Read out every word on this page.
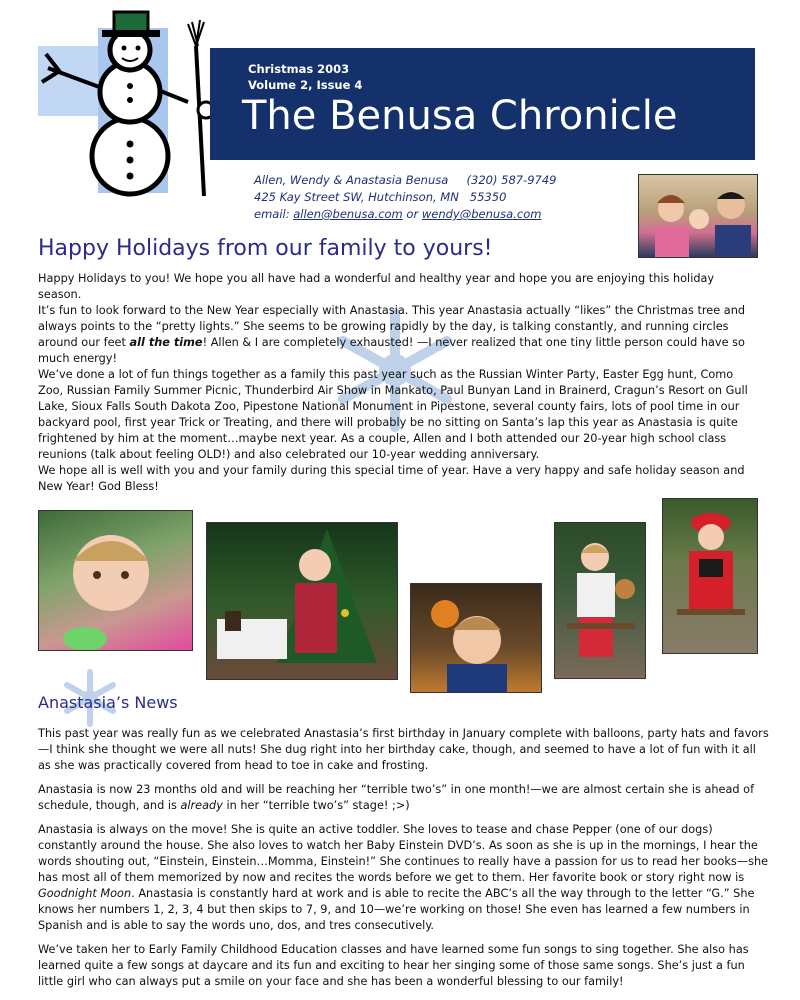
Christmas 2003
Volume 2, Issue 4
The Benusa Chronicle
Allen, Wendy & Anastasia Benusa     (320) 587-9749
425 Kay Street SW, Hutchinson, MN   55350
email: allen@benusa.com or wendy@benusa.com
Happy Holidays from our family to yours!
Happy Holidays to you! We hope you all have had a wonderful and healthy year and hope you are enjoying this holiday season.
It’s fun to look forward to the New Year especially with Anastasia. This year Anastasia actually “likes” the Christmas tree and always points to the “pretty lights.” She seems to be growing rapidly by the day, is talking constantly, and running circles around our feet all the time! Allen & I are completely exhausted! —I never realized that one tiny little person could have so much energy!
We’ve done a lot of fun things together as a family this past year such as the Russian Winter Party, Easter Egg hunt, Como Zoo, Russian Family Summer Picnic, Thunderbird Air Show in Mankato, Paul Bunyan Land in Brainerd, Cragun’s Resort on Gull Lake, Sioux Falls South Dakota Zoo, Pipestone National Monument in Pipestone, several county fairs, lots of pool time in our backyard pool, first year Trick or Treating, and there will probably be no sitting on Santa’s lap this year as Anastasia is quite frightened by him at the moment…maybe next year. As a couple, Allen and I both attended our 20-year high school class reunions (talk about feeling OLD!) and also celebrated our 10-year wedding anniversary.
We hope all is well with you and your family during this special time of year. Have a very happy and safe holiday season and New Year! God Bless!
Anastasia’s News

This past year was really fun as we celebrated Anastasia’s first birthday in January complete with balloons, party hats and favors—I think she thought we were all nuts! She dug right into her birthday cake, though, and seemed to have a lot of fun with it all as she was practically covered from head to toe in cake and frosting.

Anastasia is now 23 months old and will be reaching her “terrible two’s” in one month!—we are almost certain she is ahead of schedule, though, and is already in her “terrible two’s” stage! ;>)

Anastasia is always on the move! She is quite an active toddler. She loves to tease and chase Pepper (one of our dogs) constantly around the house. She also loves to watch her Baby Einstein DVD’s. As soon as she is up in the mornings, I hear the words shouting out, “Einstein, Einstein…Momma, Einstein!” She continues to really have a passion for us to read her books—she has most all of them memorized by now and recites the words before we get to them. Her favorite book or story right now is Goodnight Moon. Anastasia is constantly hard at work and is able to recite the ABC’s all the way through to the letter “G.” She knows her numbers 1, 2, 3, 4 but then skips to 7, 9, and 10—we’re working on those! She even has learned a few numbers in Spanish and is able to say the words uno, dos, and tres consecutively.

We’ve taken her to Early Family Childhood Education classes and have learned some fun songs to sing together. She also has learned quite a few songs at daycare and its fun and exciting to hear her singing some of those same songs. She’s just a fun little girl who can always put a smile on your face and she has been a wonderful blessing to our family!
